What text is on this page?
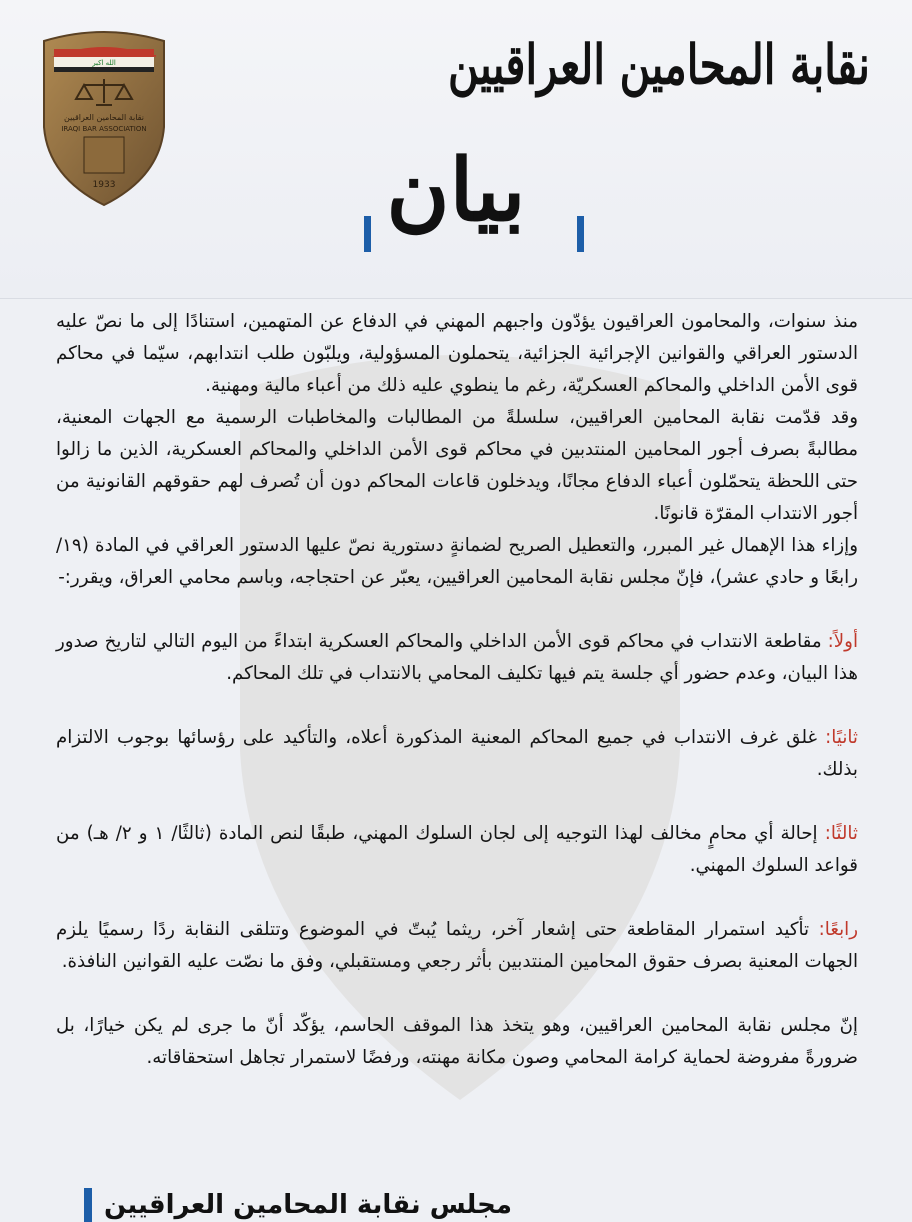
الله اكبر
نقابة المحامين العراقيين
IRAQI BAR ASSOCIATION
1933
نقابة المحامين العراقيين
بيان

منذ سنوات، والمحامون العراقيون يؤدّون واجبهم المهني في الدفاع عن المتهمين، استنادًا إلى ما نصّ عليه الدستور العراقي والقوانين الإجرائية الجزائية، يتحملون المسؤولية، ويلبّون طلب انتدابهم، سيّما في محاكم قوى الأمن الداخلي والمحاكم العسكريّة، رغم ما ينطوي عليه ذلك من أعباء مالية ومهنية.

وقد قدّمت نقابة المحامين العراقيين، سلسلةً من المطالبات والمخاطبات الرسمية مع الجهات المعنية، مطالبةً بصرف أجور المحامين المنتدبين في محاكم قوى الأمن الداخلي والمحاكم العسكرية، الذين ما زالوا حتى اللحظة يتحمّلون أعباء الدفاع مجانًا، ويدخلون قاعات المحاكم دون أن تُصرف لهم حقوقهم القانونية من أجور الانتداب المقرّة قانونًا.

وإزاء هذا الإهمال غير المبرر، والتعطيل الصريح لضمانةٍ دستورية نصّ عليها الدستور العراقي في المادة (١٩/رابعًا و حادي عشر)، فإنّ مجلس نقابة المحامين العراقيين، يعبّر عن احتجاجه، وباسم محامي العراق، ويقرر:-

أولاً: مقاطعة الانتداب في محاكم قوى الأمن الداخلي والمحاكم العسكرية ابتداءً من اليوم التالي لتاريخ صدور هذا البيان، وعدم حضور أي جلسة يتم فيها تكليف المحامي بالانتداب في تلك المحاكم.

ثانيًا: غلق غرف الانتداب في جميع المحاكم المعنية المذكورة أعلاه، والتأكيد على رؤسائها بوجوب الالتزام بذلك.

ثالثًا: إحالة أي محامٍ مخالف لهذا التوجيه إلى لجان السلوك المهني، طبقًا لنص المادة (ثالثًا/ ١ و ٢/ هـ) من قواعد السلوك المهني.

رابعًا: تأكيد استمرار المقاطعة حتى إشعار آخر، ريثما يُبتّ في الموضوع وتتلقى النقابة ردًا رسميًا يلزم الجهات المعنية بصرف حقوق المحامين المنتدبين بأثر رجعي ومستقبلي، وفق ما نصّت عليه القوانين النافذة.

إنّ مجلس نقابة المحامين العراقيين، وهو يتخذ هذا الموقف الحاسم، يؤكّد أنّ ما جرى لم يكن خيارًا، بل ضرورةً مفروضة لحماية كرامة المحامي وصون مكانة مهنته، ورفضًا لاستمرار تجاهل استحقاقاته.

مجلس نقابة المحامين العراقيين
